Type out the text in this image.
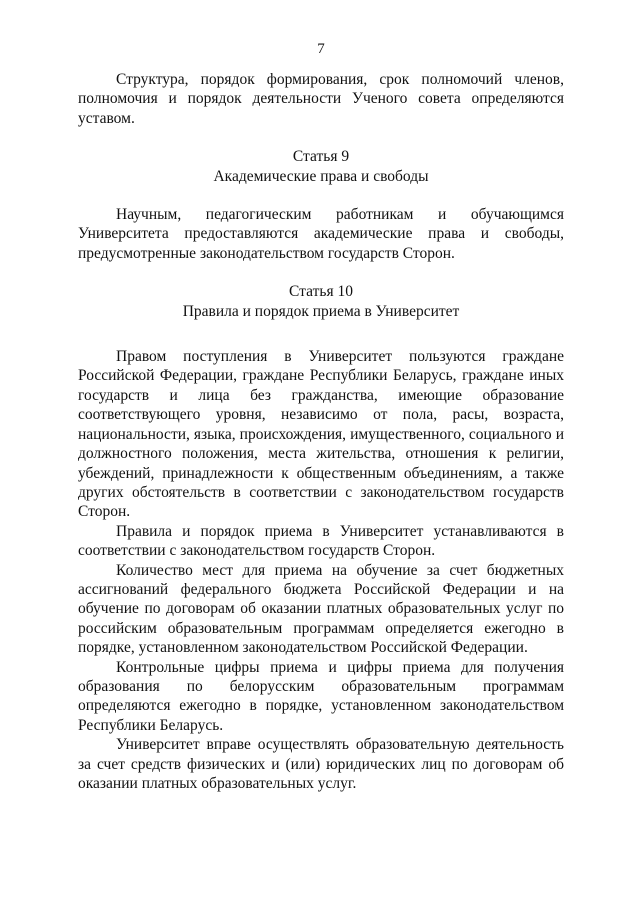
7

Структура, порядок формирования, срок полномочий членов, полномочия и порядок деятельности Ученого совета определяются уставом.

Статья 9

Академические права и свободы

Научным, педагогическим работникам и обучающимся Университета предоставляются академические права и свободы, предусмотренные законодательством государств Сторон.

Статья 10

Правила и порядок приема в Университет

Правом поступления в Университет пользуются граждане Российской Федерации, граждане Республики Беларусь, граждане иных государств и лица без гражданства, имеющие образование соответствующего уровня, независимо от пола, расы, возраста, национальности, языка, происхождения, имущественного, социального и должностного положения, места жительства, отношения к религии, убеждений, принадлежности к общественным объединениям, а также других обстоятельств в соответствии с законодательством государств Сторон.

Правила и порядок приема в Университет устанавливаются в соответствии с законодательством государств Сторон.

Количество мест для приема на обучение за счет бюджетных ассигнований федерального бюджета Российской Федерации и на обучение по договорам об оказании платных образовательных услуг по российским образовательным программам определяется ежегодно в порядке, установленном законодательством Российской Федерации.

Контрольные цифры приема и цифры приема для получения образования по белорусским образовательным программам определяются ежегодно в порядке, установленном законодательством Республики Беларусь.

Университет вправе осуществлять образовательную деятельность за счет средств физических и (или) юридических лиц по договорам об оказании платных образовательных услуг.
